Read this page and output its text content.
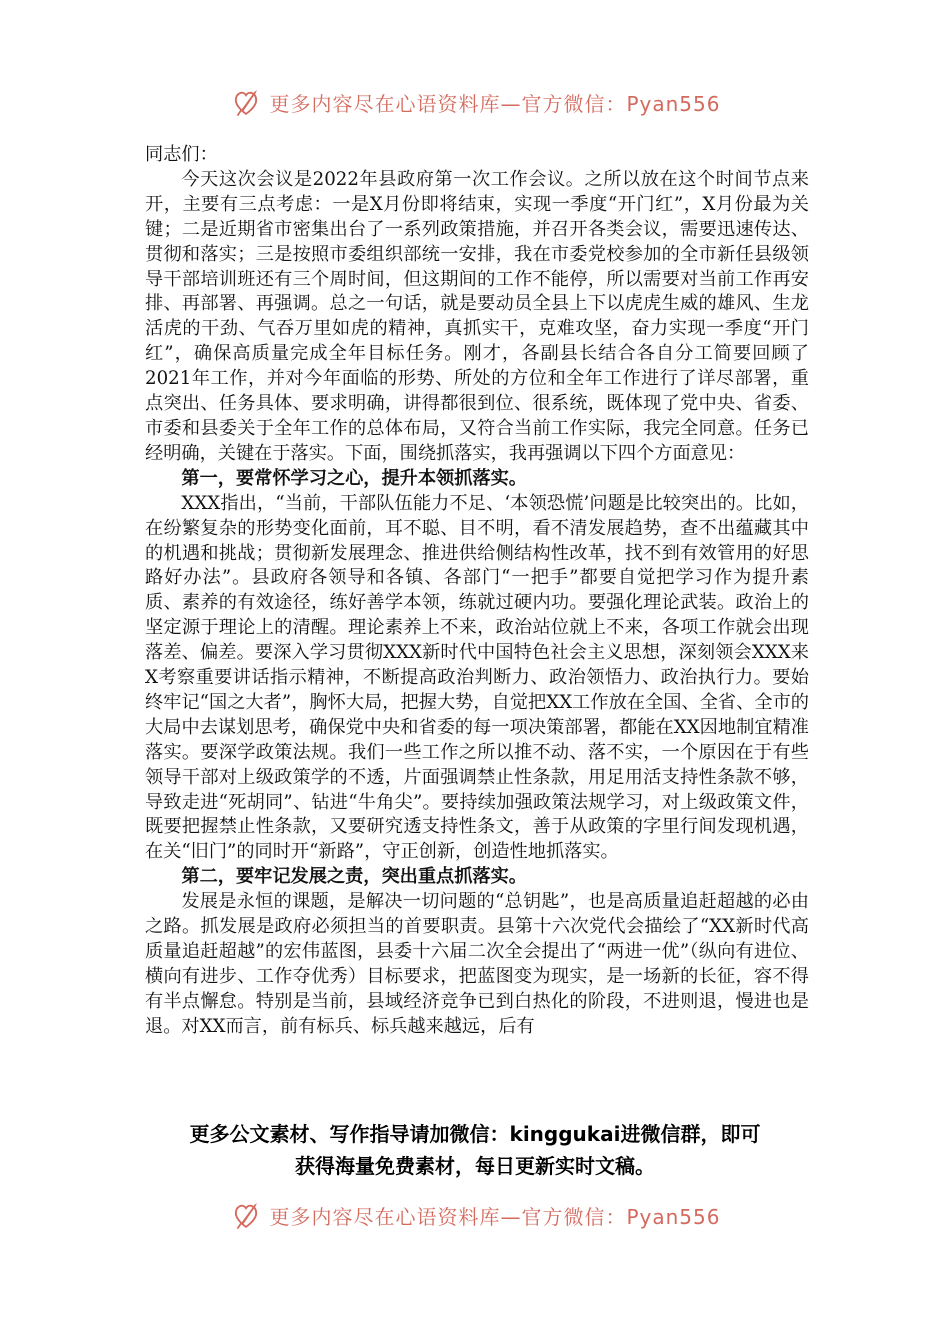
更多内容尽在心语资料库—官方微信：Pyan556

同志们：

今天这次会议是2022年县政府第一次工作会议。之所以放在这个时间节点来开，主要有三点考虑：一是X月份即将结束，实现一季度“开门红”，X月份最为关键；二是近期省市密集出台了一系列政策措施，并召开各类会议，需要迅速传达、贯彻和落实；三是按照市委组织部统一安排，我在市委党校参加的全市新任县级领导干部培训班还有三个周时间，但这期间的工作不能停，所以需要对当前工作再安排、再部署、再强调。总之一句话，就是要动员全县上下以虎虎生威的雄风、生龙活虎的干劲、气吞万里如虎的精神，真抓实干，克难攻坚，奋力实现一季度“开门红”，确保高质量完成全年目标任务。刚才，各副县长结合各自分工简要回顾了2021年工作，并对今年面临的形势、所处的方位和全年工作进行了详尽部署，重点突出、任务具体、要求明确，讲得都很到位、很系统，既体现了党中央、省委、市委和县委关于全年工作的总体布局，又符合当前工作实际，我完全同意。任务已经明确，关键在于落实。下面，围绕抓落实，我再强调以下四个方面意见：

第一，要常怀学习之心，提升本领抓落实。

XXX指出，“当前，干部队伍能力不足、‘本领恐慌’问题是比较突出的。比如，在纷繁复杂的形势变化面前，耳不聪、目不明，看不清发展趋势，查不出蕴藏其中的机遇和挑战；贯彻新发展理念、推进供给侧结构性改革，找不到有效管用的好思路好办法”。县政府各领导和各镇、各部门“一把手”都要自觉把学习作为提升素质、素养的有效途径，练好善学本领，练就过硬内功。要强化理论武装。政治上的坚定源于理论上的清醒。理论素养上不来，政治站位就上不来，各项工作就会出现落差、偏差。要深入学习贯彻XXX新时代中国特色社会主义思想，深刻领会XXX来X考察重要讲话指示精神，不断提高政治判断力、政治领悟力、政治执行力。要始终牢记“国之大者”，胸怀大局，把握大势，自觉把XX工作放在全国、全省、全市的大局中去谋划思考，确保党中央和省委的每一项决策部署，都能在XX因地制宜精准落实。要深学政策法规。我们一些工作之所以推不动、落不实，一个原因在于有些领导干部对上级政策学的不透，片面强调禁止性条款，用足用活支持性条款不够，导致走进“死胡同”、钻进“牛角尖”。要持续加强政策法规学习，对上级政策文件，既要把握禁止性条款，又要研究透支持性条文，善于从政策的字里行间发现机遇，在关“旧门”的同时开“新路”，守正创新，创造性地抓落实。

第二，要牢记发展之责，突出重点抓落实。

发展是永恒的课题，是解决一切问题的“总钥匙”，也是高质量追赶超越的必由之路。抓发展是政府必须担当的首要职责。县第十六次党代会描绘了“XX新时代高质量追赶超越”的宏伟蓝图，县委十六届二次全会提出了“两进一优”（纵向有进位、横向有进步、工作夺优秀）目标要求，把蓝图变为现实，是一场新的长征，容不得有半点懈怠。特别是当前，县域经济竞争已到白热化的阶段，不进则退，慢进也是退。对XX而言，前有标兵、标兵越来越远，后有

更多公文素材、写作指导请加微信：kinggukai进微信群，即可
获得海量免费素材，每日更新实时文稿。
更多内容尽在心语资料库—官方微信：Pyan556
